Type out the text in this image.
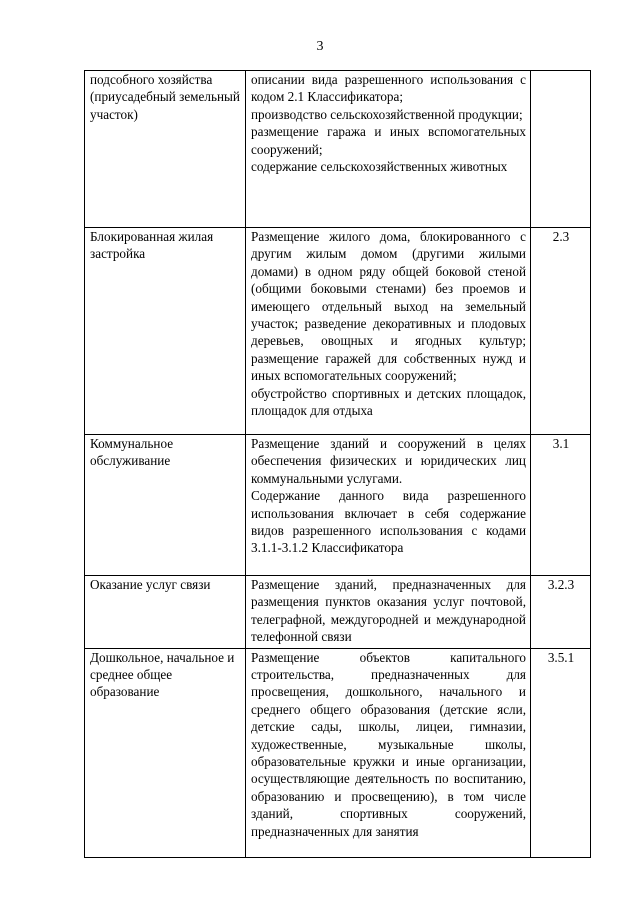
3
подсобного хозяйства (приусадебный земельный участок)	описании вида разрешенного использования с кодом 2.1 Классификатора;
производство сельскохозяйственной продукции;
размещение гаража и иных вспомогательных сооружений;
содержание сельскохозяйственных животных	

Блокированная жилая застройка	Размещение жилого дома, блокированного с другим жилым домом (другими жилыми домами) в одном ряду общей боковой стеной (общими боковыми стенами) без проемов и имеющего отдельный выход на земельный участок; разведение декоративных и плодовых деревьев, овощных и ягодных культур; размещение гаражей для собственных нужд и иных вспомогательных сооружений;
обустройство спортивных и детских площадок, площадок для отдыха	2.3
Коммунальное обслуживание	Размещение зданий и сооружений в целях обеспечения физических и юридических лиц коммунальными услугами.
Содержание данного вида разрешенного использования включает в себя содержание видов разрешенного использования с кодами 3.1.1-3.1.2 Классификатора	3.1
Оказание услуг связи	Размещение зданий, предназначенных для размещения пунктов оказания услуг почтовой, телеграфной, междугородней и международной телефонной связи	3.2.3
Дошкольное, начальное и среднее общее образование	Размещение объектов капитального строительства, предназначенных для просвещения, дошкольного, начального и среднего общего образования (детские ясли, детские сады, школы, лицеи, гимназии, художественные, музыкальные школы, образовательные кружки и иные организации, осуществляющие деятельность по воспитанию, образованию и просвещению), в том числе зданий, спортивных сооружений, предназначенных для занятия	3.5.1
